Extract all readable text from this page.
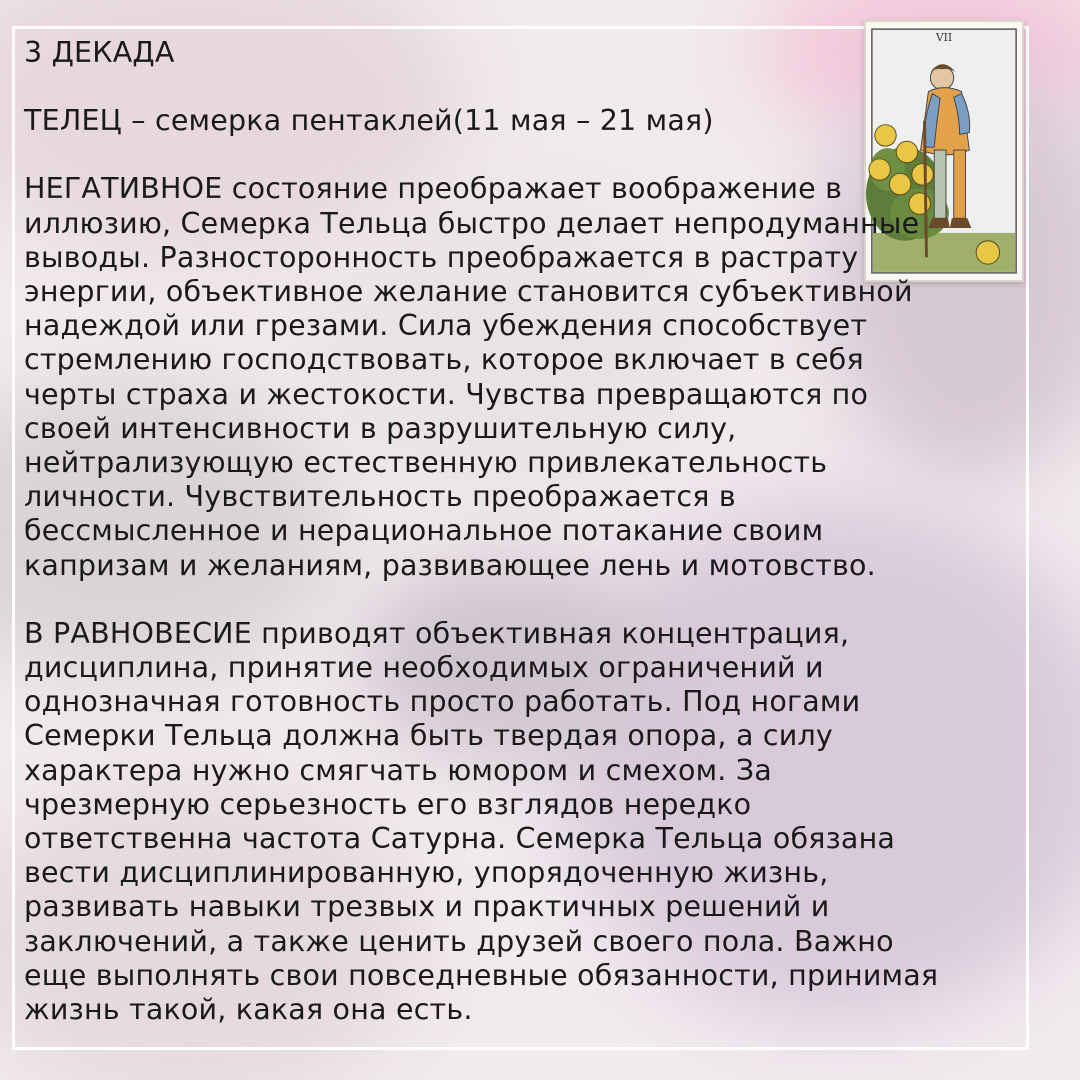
VII

3 ДЕКАДА

ТЕЛЕЦ – семерка пентаклей(11 мая – 21 мая)

НЕГАТИВНОЕ состояние преображает воображение в

иллюзию, Семерка Тельца быстро делает непродуманные

выводы. Разносторонность преображается в растрату

энергии, объективное желание становится субъективной

надеждой или грезами. Сила убеждения способствует

стремлению господствовать, которое включает в себя

черты страха и жестокости. Чувства превращаются по

своей интенсивности в разрушительную силу,

нейтрализующую естественную привлекательность

личности. Чувствительность преображается в

бессмысленное и нерациональное потакание своим

капризам и желаниям, развивающее лень и мотовство.

В РАВНОВЕСИЕ приводят объективная концентрация,

дисциплина, принятие необходимых ограничений и

однозначная готовность просто работать. Под ногами

Семерки Тельца должна быть твердая опора, а силу

характера нужно смягчать юмором и смехом. За

чрезмерную серьезность его взглядов нередко

ответственна частота Сатурна. Семерка Тельца обязана

вести дисциплинированную, упорядоченную жизнь,

развивать навыки трезвых и практичных решений и

заключений, а также ценить друзей своего пола. Важно

еще выполнять свои повседневные обязанности, принимая

жизнь такой, какая она есть.
